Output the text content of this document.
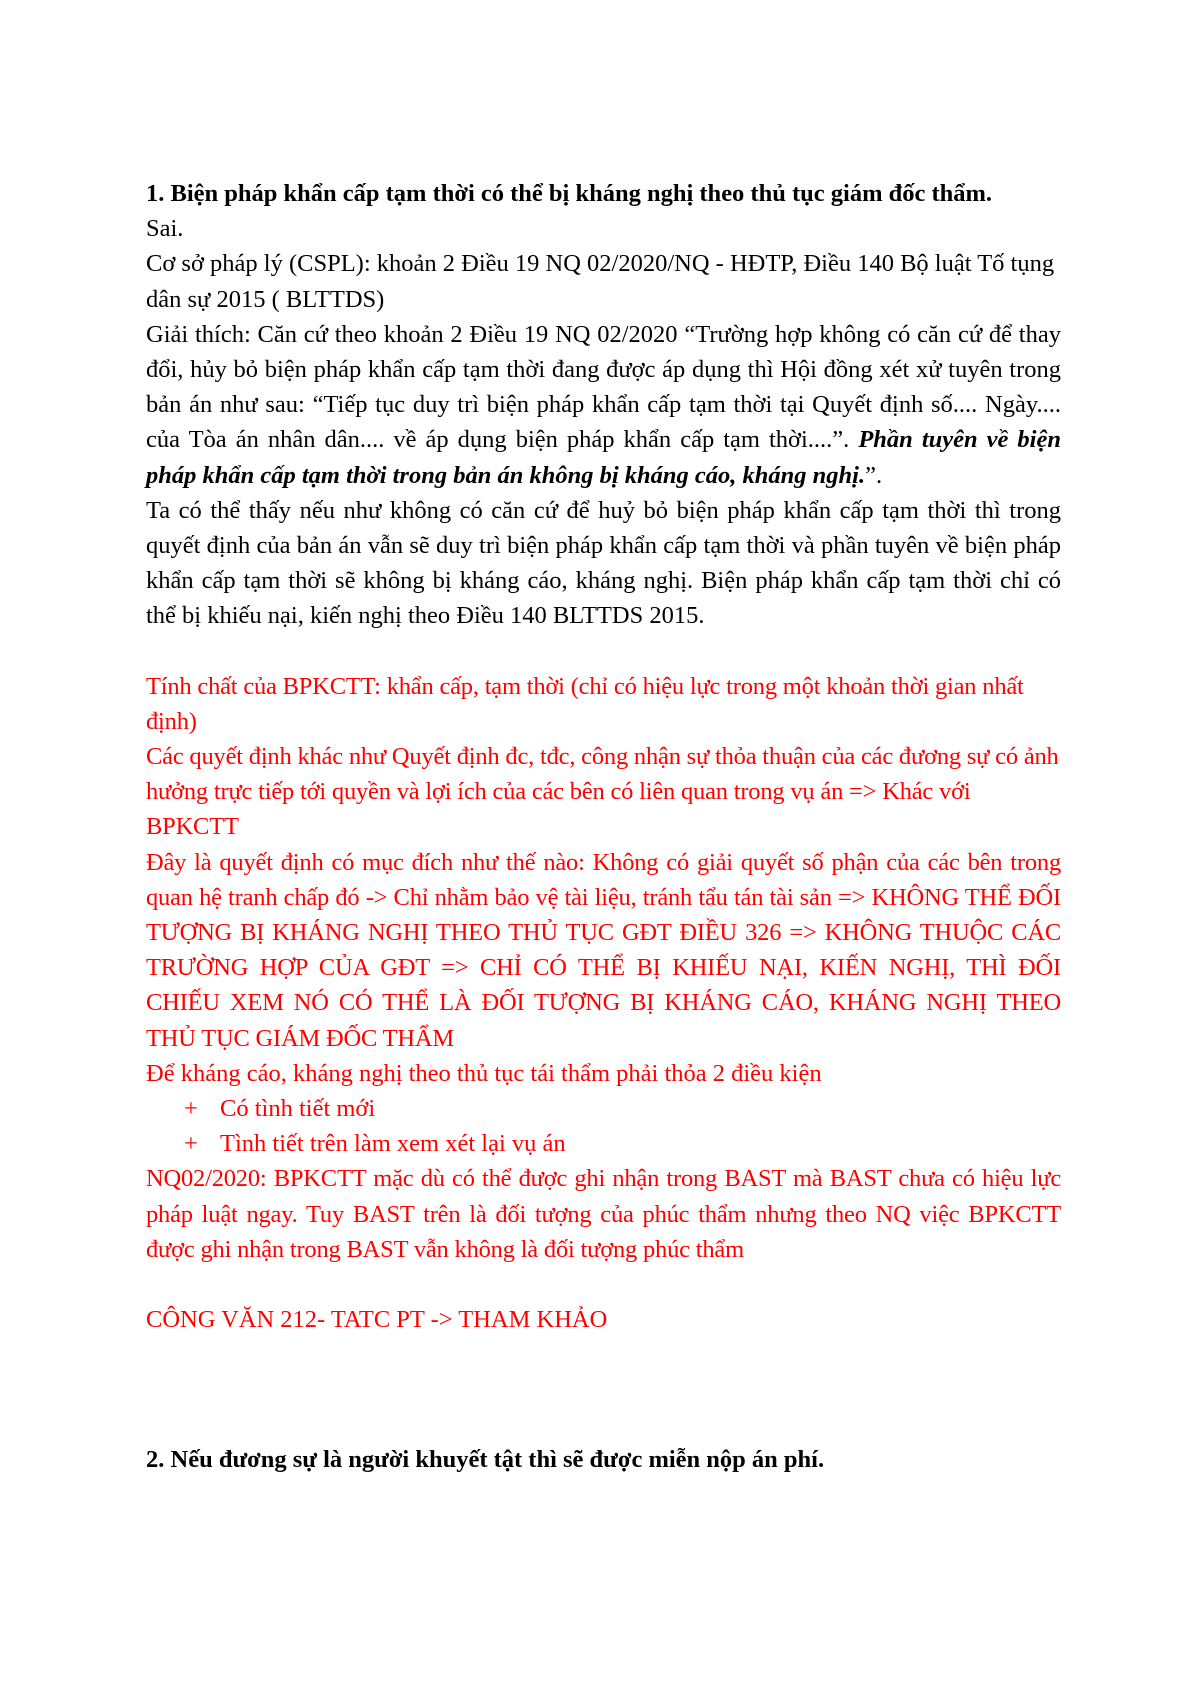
1. Biện pháp khẩn cấp tạm thời có thể bị kháng nghị theo thủ tục giám đốc thẩm.

Sai.

Cơ sở pháp lý (CSPL): khoản 2 Điều 19 NQ 02/2020/NQ - HĐTP, Điều 140 Bộ luật Tố tụng dân sự 2015 ( BLTTDS)

Giải thích: Căn cứ theo khoản 2 Điều 19 NQ 02/2020 “Trường hợp không có căn cứ để thay đổi, hủy bỏ biện pháp khẩn cấp tạm thời đang được áp dụng thì Hội đồng xét xử tuyên trong bản án như sau: “Tiếp tục duy trì biện pháp khẩn cấp tạm thời tại Quyết định số.... Ngày.... của Tòa án nhân dân.... về áp dụng biện pháp khẩn cấp tạm thời....”. Phần tuyên về biện pháp khẩn cấp tạm thời trong bản án không bị kháng cáo, kháng nghị.”.

Ta có thể thấy nếu như không có căn cứ để huỷ bỏ biện pháp khẩn cấp tạm thời thì trong quyết định của bản án vẫn sẽ duy trì biện pháp khẩn cấp tạm thời và phần tuyên về biện pháp khẩn cấp tạm thời sẽ không bị kháng cáo, kháng nghị. Biện pháp khẩn cấp tạm thời chỉ có thể bị khiếu nại, kiến nghị theo Điều 140 BLTTDS 2015.

Tính chất của BPKCTT: khẩn cấp, tạm thời (chỉ có hiệu lực trong một khoản thời gian nhất định)

Các quyết định khác như Quyết định đc, tđc, công nhận sự thỏa thuận của các đương sự có ảnh hưởng trực tiếp tới quyền và lợi ích của các bên có liên quan trong vụ án => Khác với BPKCTT

Đây là quyết định có mục đích như thế nào: Không có giải quyết số phận của các bên trong quan hệ tranh chấp đó -> Chỉ nhằm bảo vệ tài liệu, tránh tẩu tán tài sản => KHÔNG THỂ ĐỐI TƯỢNG BỊ KHÁNG NGHỊ THEO THỦ TỤC GĐT ĐIỀU 326 => KHÔNG THUỘC CÁC TRƯỜNG HỢP CỦA GĐT => CHỈ CÓ THỂ BỊ KHIẾU NẠI, KIẾN NGHỊ, THÌ ĐỐI CHIẾU XEM NÓ CÓ THỂ LÀ ĐỐI TƯỢNG BỊ KHÁNG CÁO, KHÁNG NGHỊ THEO THỦ TỤC GIÁM ĐỐC THẨM

Để kháng cáo, kháng nghị theo thủ tục tái thẩm phải thỏa 2 điều kiện

+ Có tình tiết mới
+ Tình tiết trên làm xem xét lại vụ án

NQ02/2020: BPKCTT mặc dù có thể được ghi nhận trong BAST mà BAST chưa có hiệu lực pháp luật ngay. Tuy BAST trên là đối tượng của phúc thẩm nhưng theo NQ việc BPKCTT được ghi nhận trong BAST vẫn không là đối tượng phúc thẩm

CÔNG VĂN 212- TATC PT -> THAM KHẢO

2. Nếu đương sự là người khuyết tật thì sẽ được miễn nộp án phí.
